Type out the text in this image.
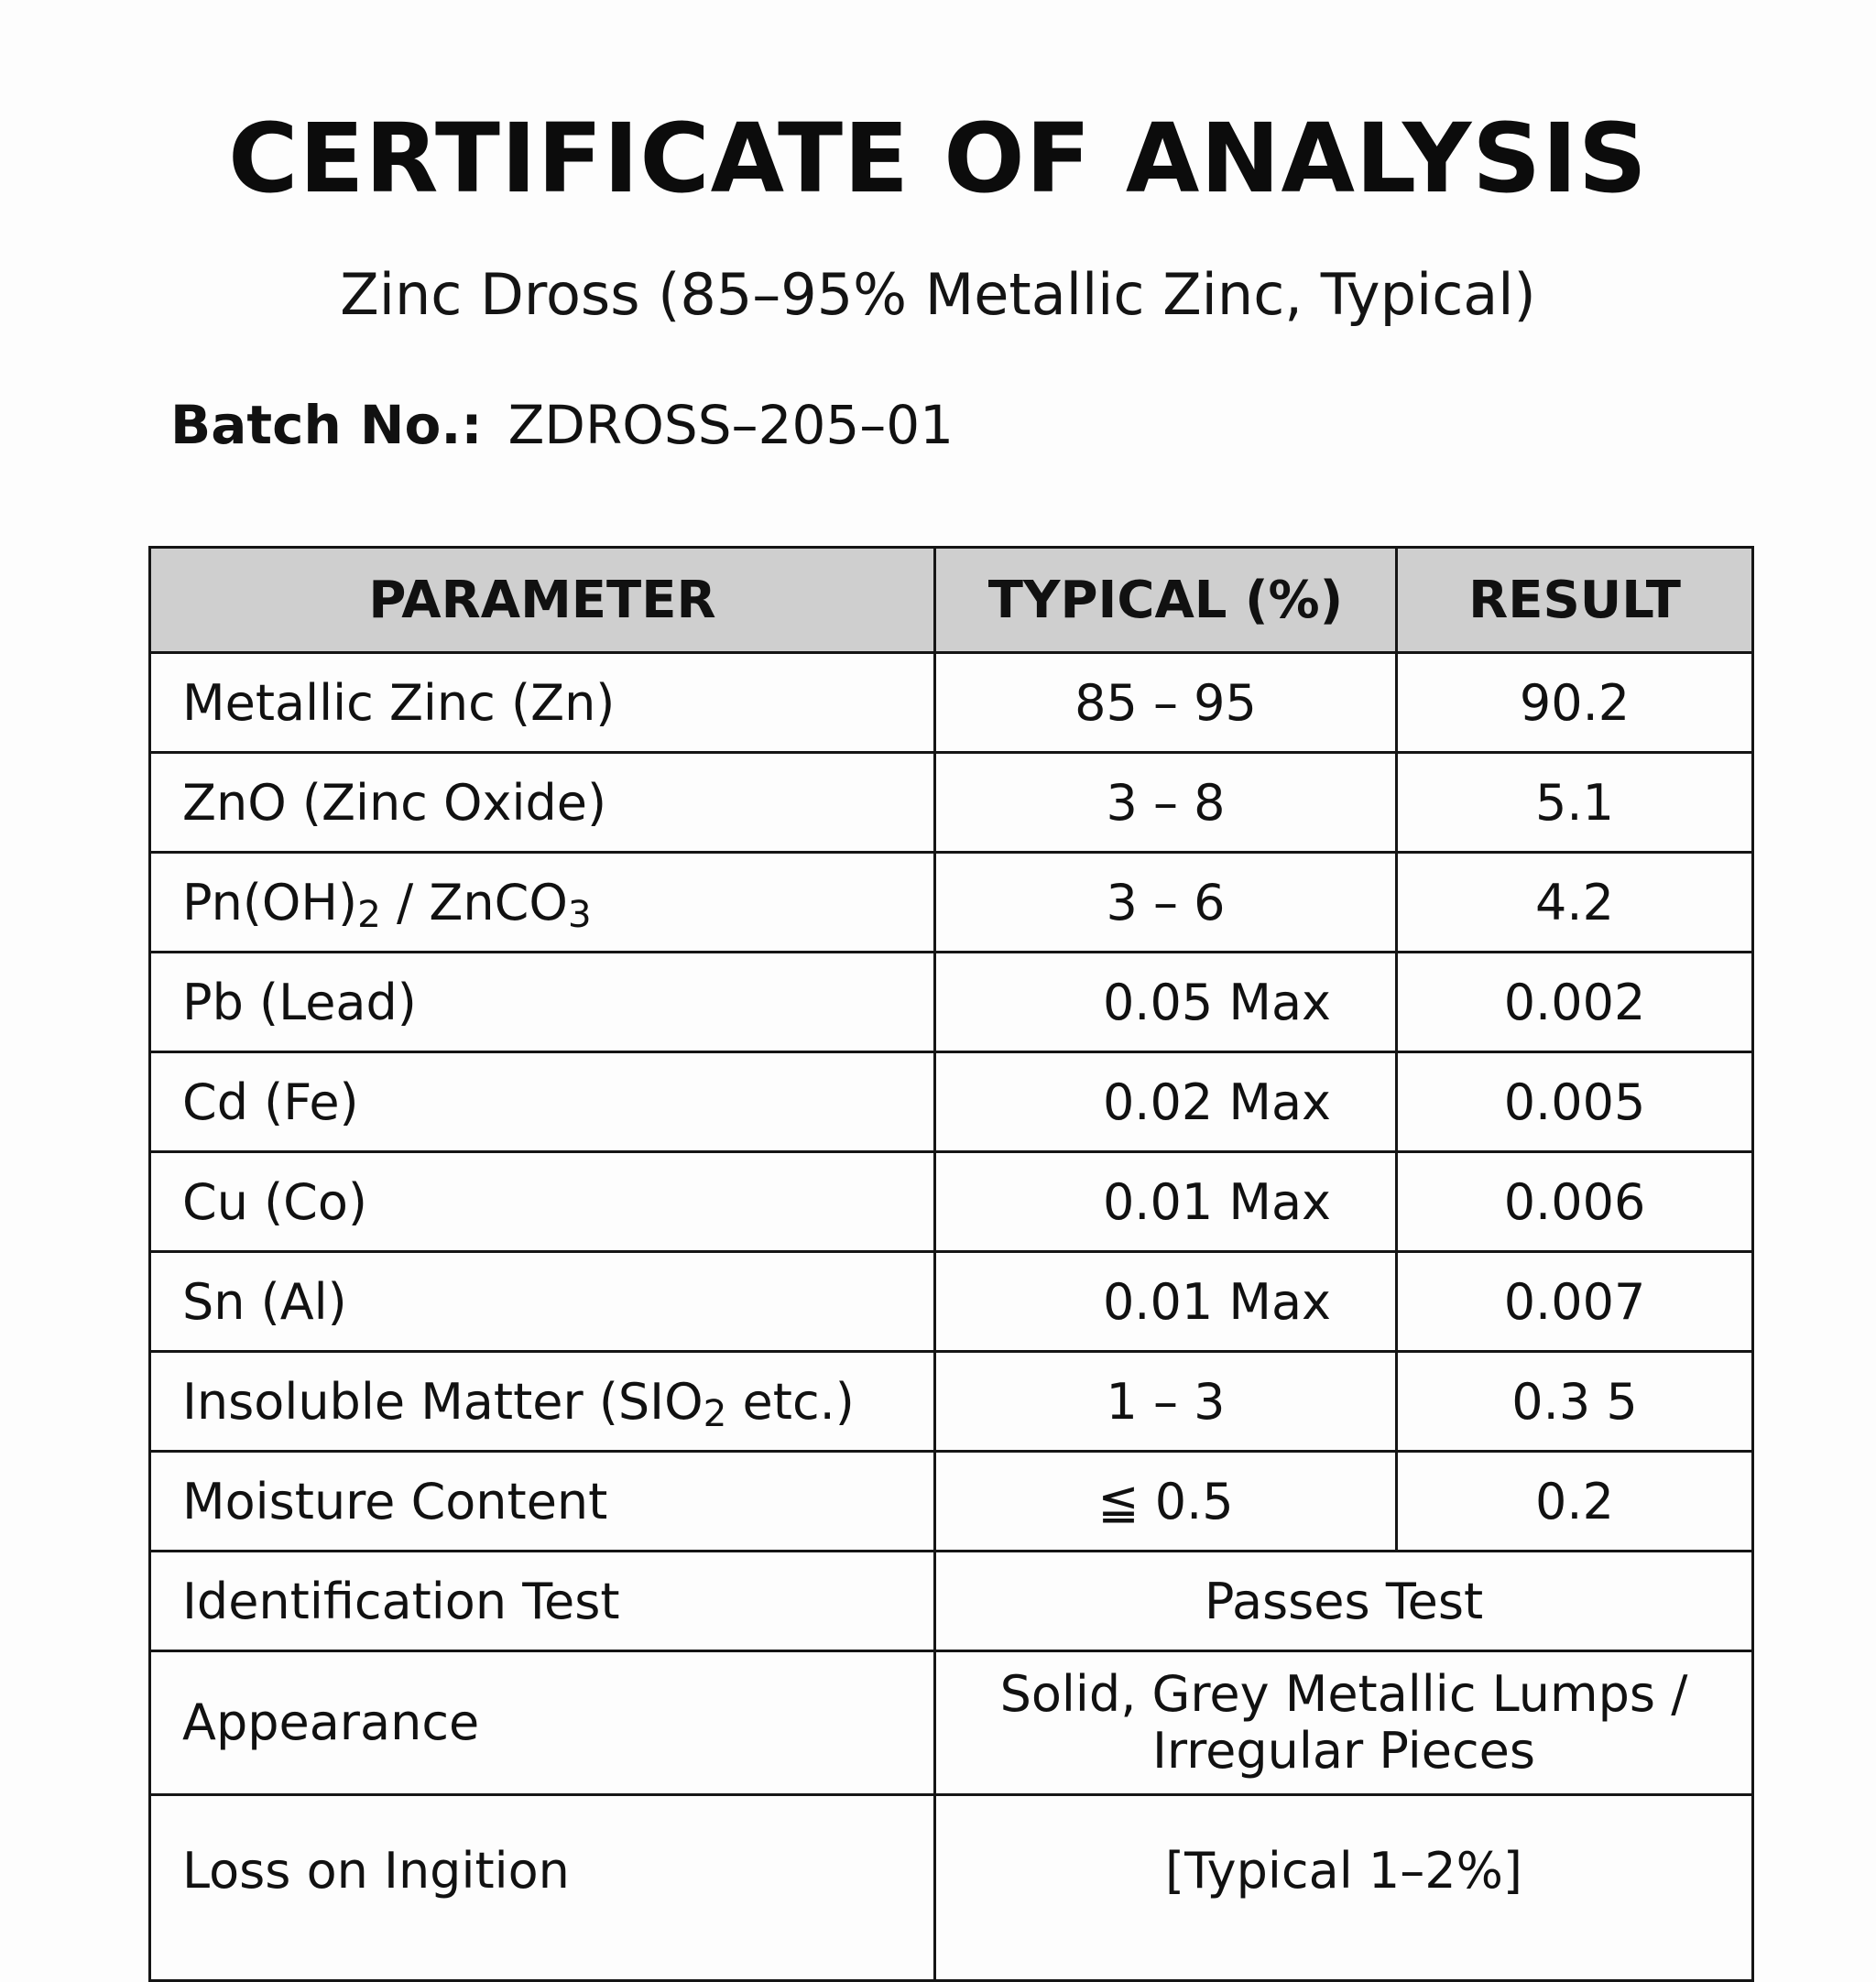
CERTIFICATE OF ANALYSIS
Zinc Dross (85–95% Metallic Zinc, Typical)
Batch No.: ZDROSS–205–01
PARAMETER	TYPICAL (%)	RESULT
Metallic Zinc (Zn)	85 – 95	90.2
ZnO (Zinc Oxide)	3 – 8	5.1
$Pn(OH)_2$ / ZnCO$_3$	3 – 6	4.2
Pb (Lead)	0.05 Max	0.002
Cd (Fe)	0.02 Max	0.005
Cu (Co)	0.01 Max	0.006
Sn (Al)	0.01 Max	0.007
Insoluble Matter ($SIO_2$ etc.)	1 – 3	0.3 5
Moisture Content	≦ 0.5	0.2
Identification Test	Passes Test	
Appearance	Solid, Grey Metallic Lumps /
Irregular Pieces	

Loss on Ingition	[Typical 1–2%]	
